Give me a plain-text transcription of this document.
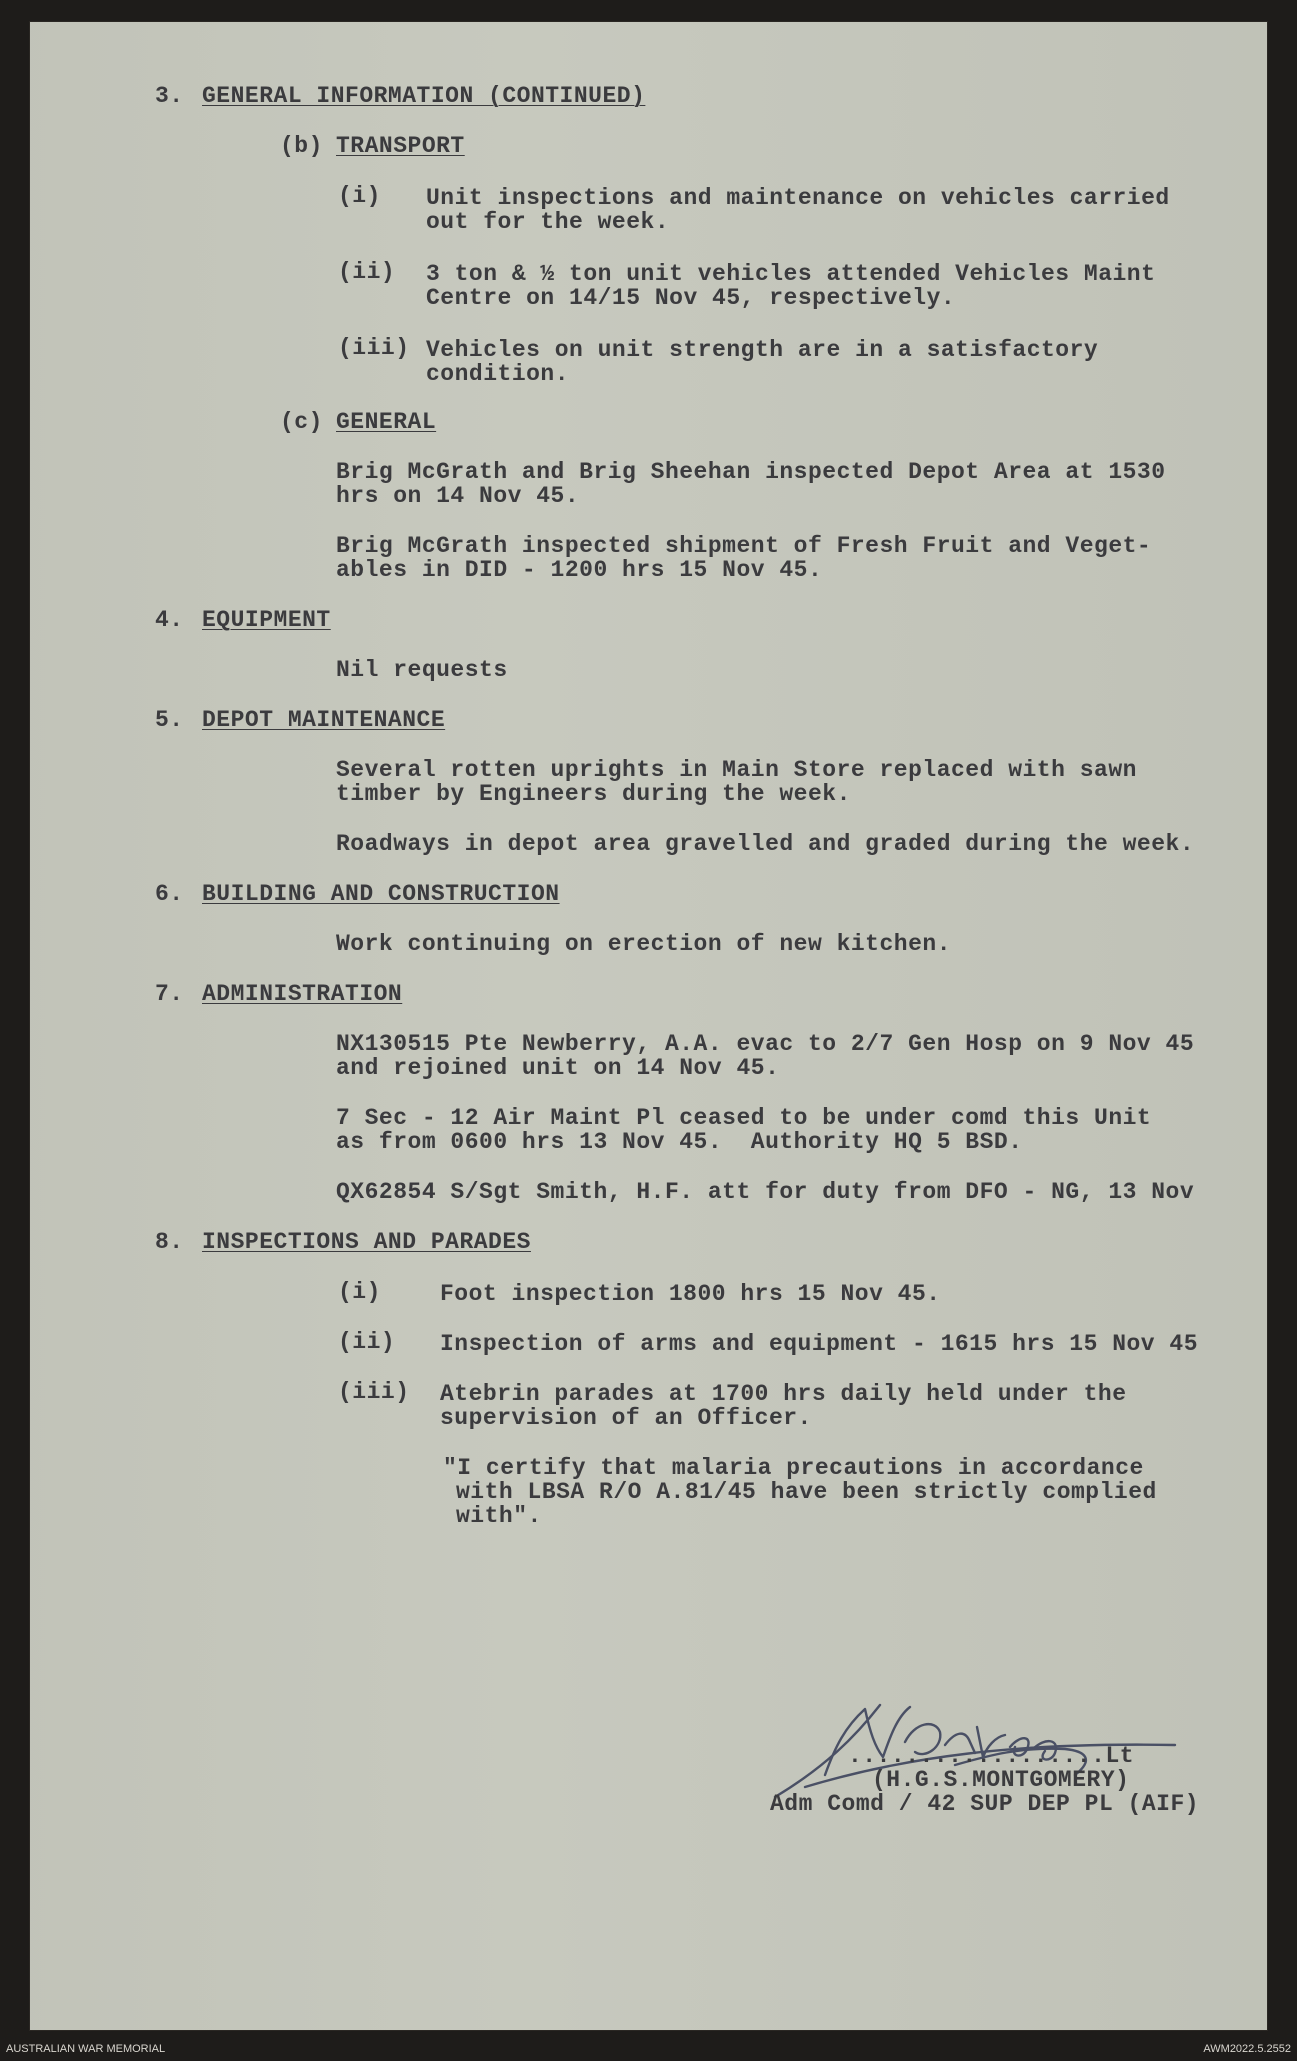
3. GENERAL INFORMATION (CONTINUED)

(b) TRANSPORT

(i) Unit inspections and maintenance on vehicles carried

out for the week.

(ii) 3 ton & ½ ton unit vehicles attended Vehicles Maint

Centre on 14/15 Nov 45, respectively.

(iii) Vehicles on unit strength are in a satisfactory

condition.

(c) GENERAL

Brig McGrath and Brig Sheehan inspected Depot Area at 1530

hrs on 14 Nov 45.

Brig McGrath inspected shipment of Fresh Fruit and Veget-

ables in DID - 1200 hrs 15 Nov 45.

4. EQUIPMENT

Nil requests

5. DEPOT MAINTENANCE

Several rotten uprights in Main Store replaced with sawn

timber by Engineers during the week.

Roadways in depot area gravelled and graded during the week.

6. BUILDING AND CONSTRUCTION

Work continuing on erection of new kitchen.

7. ADMINISTRATION

NX130515 Pte Newberry, A.A. evac to 2/7 Gen Hosp on 9 Nov 45

and rejoined unit on 14 Nov 45.

7 Sec - 12 Air Maint Pl ceased to be under comd this Unit

as from 0600 hrs 13 Nov 45.  Authority HQ 5 BSD.

QX62854 S/Sgt Smith, H.F. att for duty from DFO - NG, 13 Nov

8. INSPECTIONS AND PARADES

(i)	Foot inspection 1800 hrs 15 Nov 45.

(ii) Inspection of arms and equipment - 1615 hrs 15 Nov 45

(iii) Atebrin parades at 1700 hrs daily held under the

supervision of an Officer.

"I certify that malaria precautions in accordance

with LBSA R/O A.81/45 have been strictly complied

with".

..................Lt

(H.G.S.MONTGOMERY)

Adm Comd / 42 SUP DEP PL (AIF)

AUSTRALIAN WAR MEMORIAL	AWM2022.5.2552
